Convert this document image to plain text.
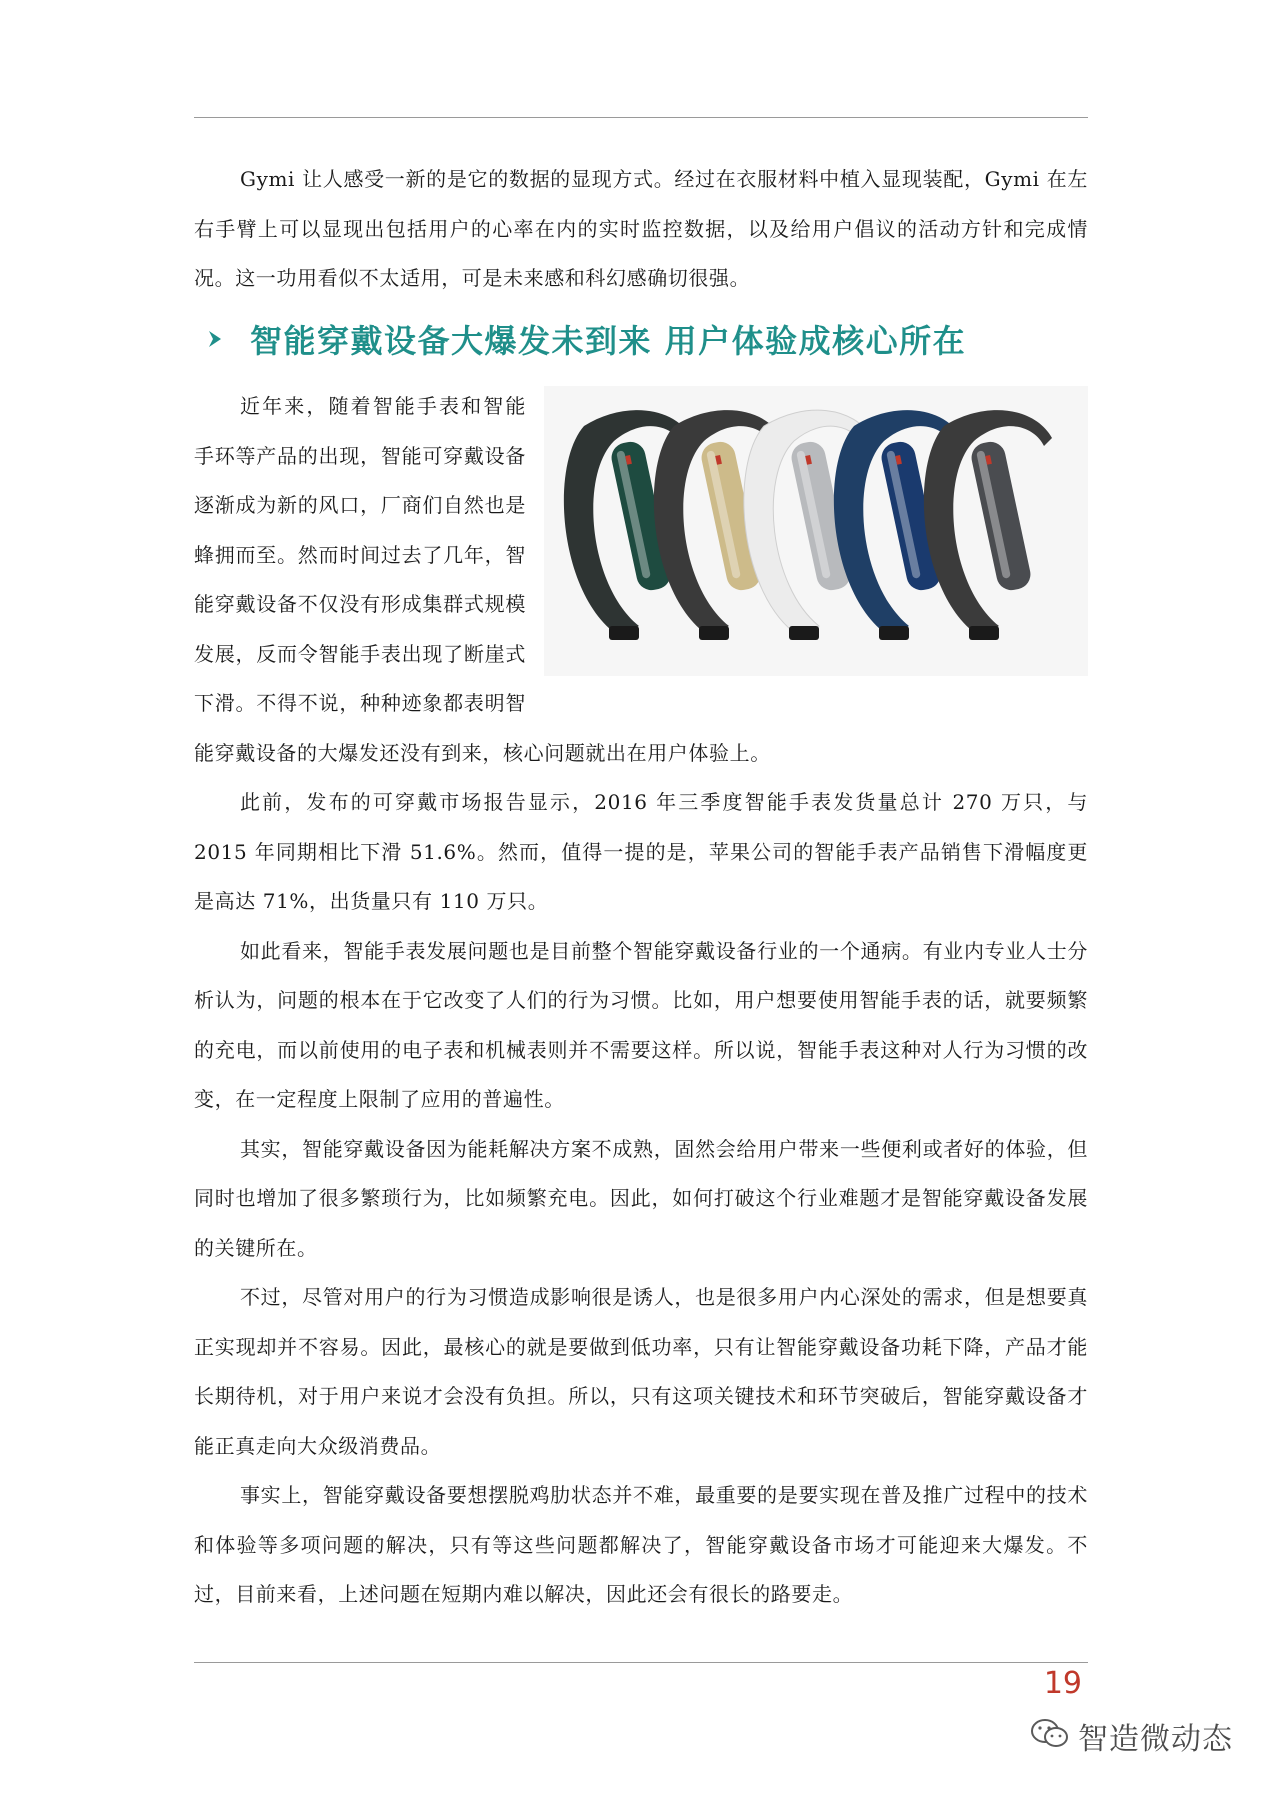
Gymi 让人感受一新的是它的数据的显现方式。经过在衣服材料中植入显现装配，Gymi 在左右手臂上可以显现出包括用户的心率在内的实时监控数据，以及给用户倡议的活动方针和完成情况。这一功用看似不太适用，可是未来感和科幻感确切很强。

智能穿戴设备大爆发未到来 用户体验成核心所在

近年来，随着智能手表和智能手环等产品的出现，智能可穿戴设备逐渐成为新的风口，厂商们自然也是蜂拥而至。然而时间过去了几年，智能穿戴设备不仅没有形成集群式规模发展，反而令智能手表出现了断崖式下滑。不得不说，种种迹象都表明智能穿戴设备的大爆发还没有到来，核心问题就出在用户体验上。

此前，发布的可穿戴市场报告显示，2016 年三季度智能手表发货量总计 270 万只，与 2015 年同期相比下滑 51.6%。然而，值得一提的是，苹果公司的智能手表产品销售下滑幅度更是高达 71%，出货量只有 110 万只。

如此看来，智能手表发展问题也是目前整个智能穿戴设备行业的一个通病。有业内专业人士分析认为，问题的根本在于它改变了人们的行为习惯。比如，用户想要使用智能手表的话，就要频繁的充电，而以前使用的电子表和机械表则并不需要这样。所以说，智能手表这种对人行为习惯的改变，在一定程度上限制了应用的普遍性。

其实，智能穿戴设备因为能耗解决方案不成熟，固然会给用户带来一些便利或者好的体验，但同时也增加了很多繁琐行为，比如频繁充电。因此，如何打破这个行业难题才是智能穿戴设备发展的关键所在。

不过，尽管对用户的行为习惯造成影响很是诱人，也是很多用户内心深处的需求，但是想要真正实现却并不容易。因此，最核心的就是要做到低功率，只有让智能穿戴设备功耗下降，产品才能长期待机，对于用户来说才会没有负担。所以，只有这项关键技术和环节突破后，智能穿戴设备才能正真走向大众级消费品。

事实上，智能穿戴设备要想摆脱鸡肋状态并不难，最重要的是要实现在普及推广过程中的技术和体验等多项问题的解决，只有等这些问题都解决了，智能穿戴设备市场才可能迎来大爆发。不过，目前来看，上述问题在短期内难以解决，因此还会有很长的路要走。

19
智造微动态
